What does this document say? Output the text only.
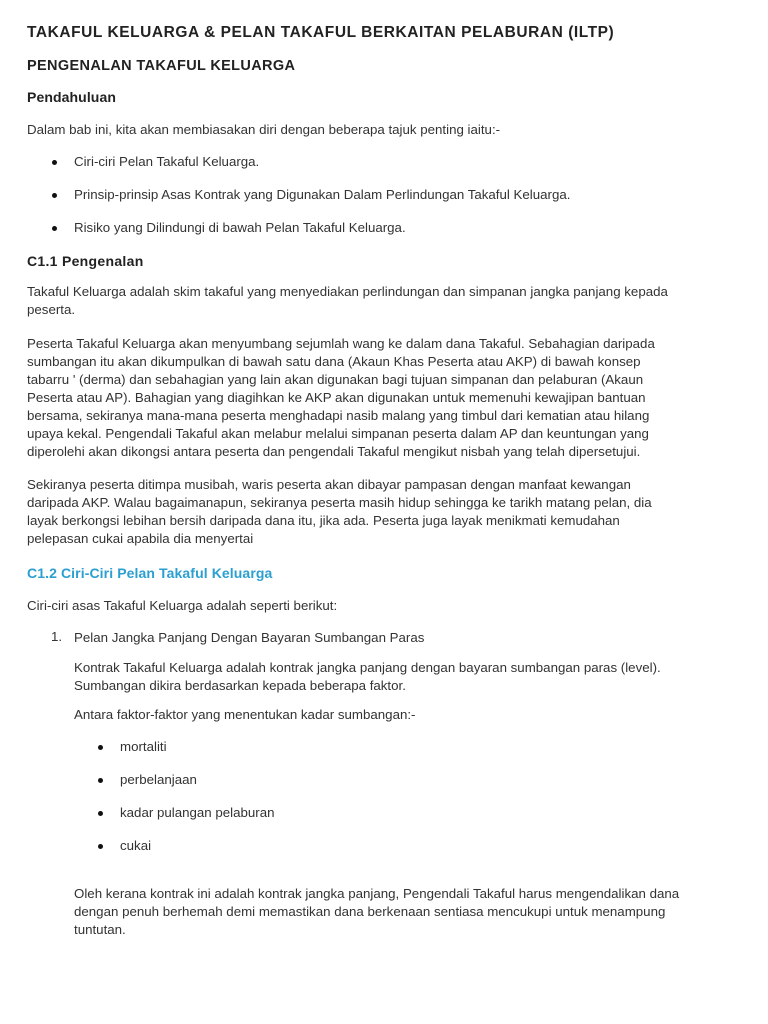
TAKAFUL KELUARGA & PELAN TAKAFUL BERKAITAN PELABURAN (ILTP)
PENGENALAN TAKAFUL KELUARGA
Pendahuluan

Dalam bab ini, kita akan membiasakan diri dengan beberapa tajuk penting iaitu:-

Ciri-ciri Pelan Takaful Keluarga.

Prinsip-prinsip Asas Kontrak yang Digunakan Dalam Perlindungan Takaful Keluarga.

Risiko yang Dilindungi di bawah Pelan Takaful Keluarga.

C1.1 Pengenalan

Takaful Keluarga adalah skim takaful yang menyediakan perlindungan dan simpanan jangka panjang kepada
peserta.

Peserta Takaful Keluarga akan menyumbang sejumlah wang ke dalam dana Takaful. Sebahagian daripada
sumbangan itu akan dikumpulkan di bawah satu dana (Akaun Khas Peserta atau AKP) di bawah konsep
tabarru ' (derma) dan sebahagian yang lain akan digunakan bagi tujuan simpanan dan pelaburan (Akaun
Peserta atau AP). Bahagian yang diagihkan ke AKP akan digunakan untuk memenuhi kewajipan bantuan
bersama, sekiranya mana-mana peserta menghadapi nasib malang yang timbul dari kematian atau hilang
upaya kekal. Pengendali Takaful akan melabur melalui simpanan peserta dalam AP dan keuntungan yang
diperolehi akan dikongsi antara peserta dan pengendali Takaful mengikut nisbah yang telah dipersetujui.

Sekiranya peserta ditimpa musibah, waris peserta akan dibayar pampasan dengan manfaat kewangan
daripada AKP. Walau bagaimanapun, sekiranya peserta masih hidup sehingga ke tarikh matang pelan, dia
layak berkongsi lebihan bersih daripada dana itu, jika ada. Peserta juga layak menikmati kemudahan
pelepasan cukai apabila dia menyertai

C1.2 Ciri-Ciri Pelan Takaful Keluarga

Ciri-ciri asas Takaful Keluarga adalah seperti berikut:

1. Pelan Jangka Panjang Dengan Bayaran Sumbangan Paras

Kontrak Takaful Keluarga adalah kontrak jangka panjang dengan bayaran sumbangan paras (level).
Sumbangan dikira berdasarkan kepada beberapa faktor.

Antara faktor-faktor yang menentukan kadar sumbangan:-

mortaliti

perbelanjaan

kadar pulangan pelaburan

cukai

Oleh kerana kontrak ini adalah kontrak jangka panjang, Pengendali Takaful harus mengendalikan dana
dengan penuh berhemah demi memastikan dana berkenaan sentiasa mencukupi untuk menampung
tuntutan.
